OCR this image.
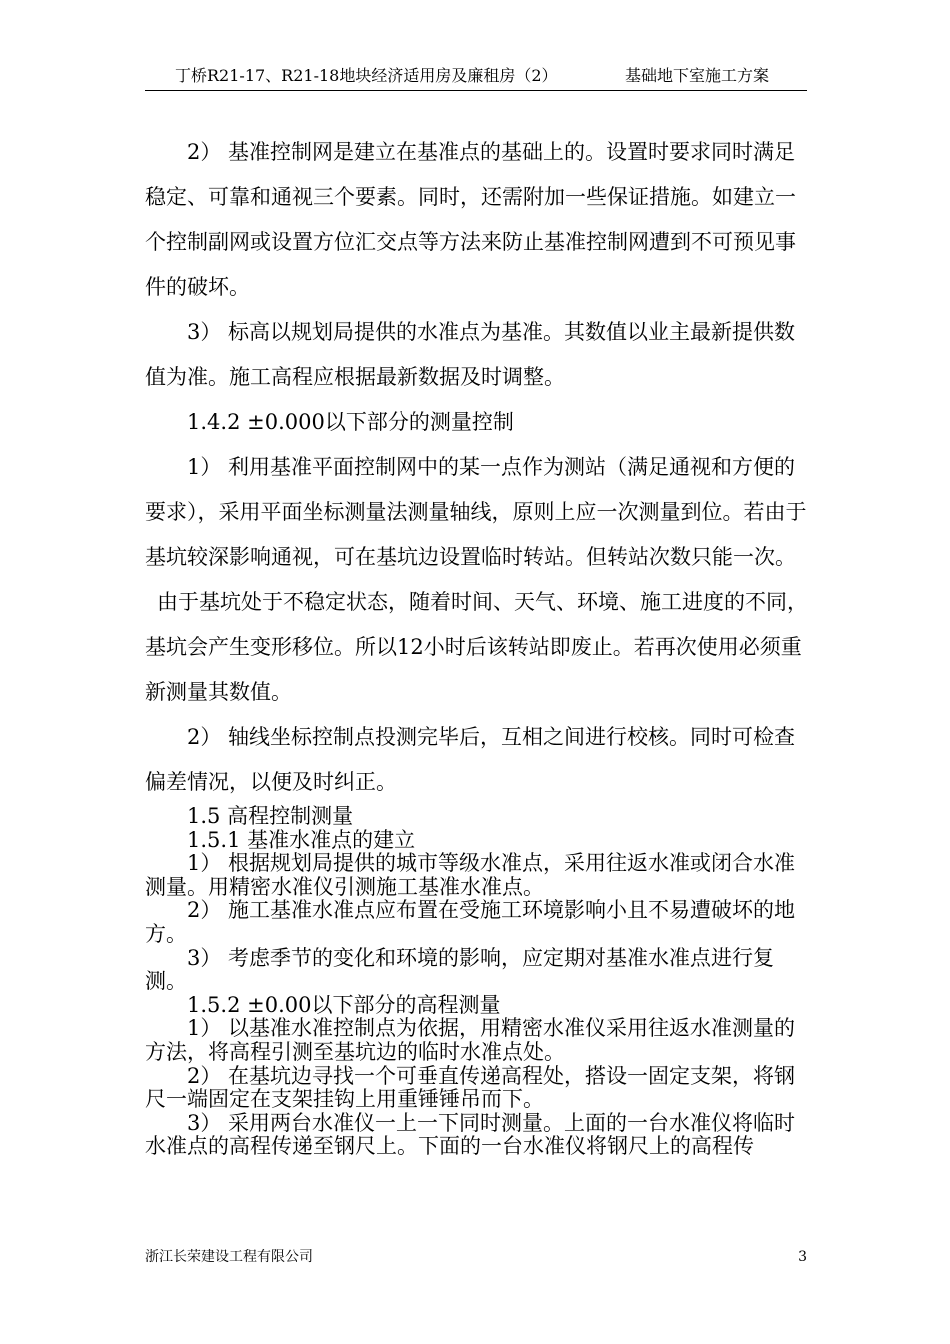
丁桥R21-17、R21-18地块经济适用房及廉租房（2）	基础地下室施工方案

2） 基准控制网是建立在基准点的基础上的。设置时要求同时满足稳定、可靠和通视三个要素。同时，还需附加一些保证措施。如建立一个控制副网或设置方位汇交点等方法来防止基准控制网遭到不可预见事件的破坏。

3） 标高以规划局提供的水准点为基准。其数值以业主最新提供数值为准。施工高程应根据最新数据及时调整。

1.4.2 ±0.000以下部分的测量控制

1） 利用基准平面控制网中的某一点作为测站（满足通视和方便的要求），采用平面坐标测量法测量轴线，原则上应一次测量到位。若由于基坑较深影响通视，可在基坑边设置临时转站。但转站次数只能一次。

由于基坑处于不稳定状态，随着时间、天气、环境、施工进度的不同，基坑会产生变形移位。所以12小时后该转站即废止。若再次使用必须重新测量其数值。

2） 轴线坐标控制点投测完毕后，互相之间进行校核。同时可检查偏差情况，以便及时纠正。

1.5 高程控制测量

1.5.1 基准水准点的建立

1） 根据规划局提供的城市等级水准点，采用往返水准或闭合水准测量。用精密水准仪引测施工基准水准点。

2） 施工基准水准点应布置在受施工环境影响小且不易遭破坏的地方。

3） 考虑季节的变化和环境的影响，应定期对基准水准点进行复测。

1.5.2 ±0.00以下部分的高程测量

1） 以基准水准控制点为依据，用精密水准仪采用往返水准测量的方法，将高程引测至基坑边的临时水准点处。

2） 在基坑边寻找一个可垂直传递高程处，搭设一固定支架，将钢尺一端固定在支架挂钩上用重锤锤吊而下。

3） 采用两台水准仪一上一下同时测量。上面的一台水准仪将临时水准点的高程传递至钢尺上。下面的一台水准仪将钢尺上的高程传

浙江长荣建设工程有限公司	3
